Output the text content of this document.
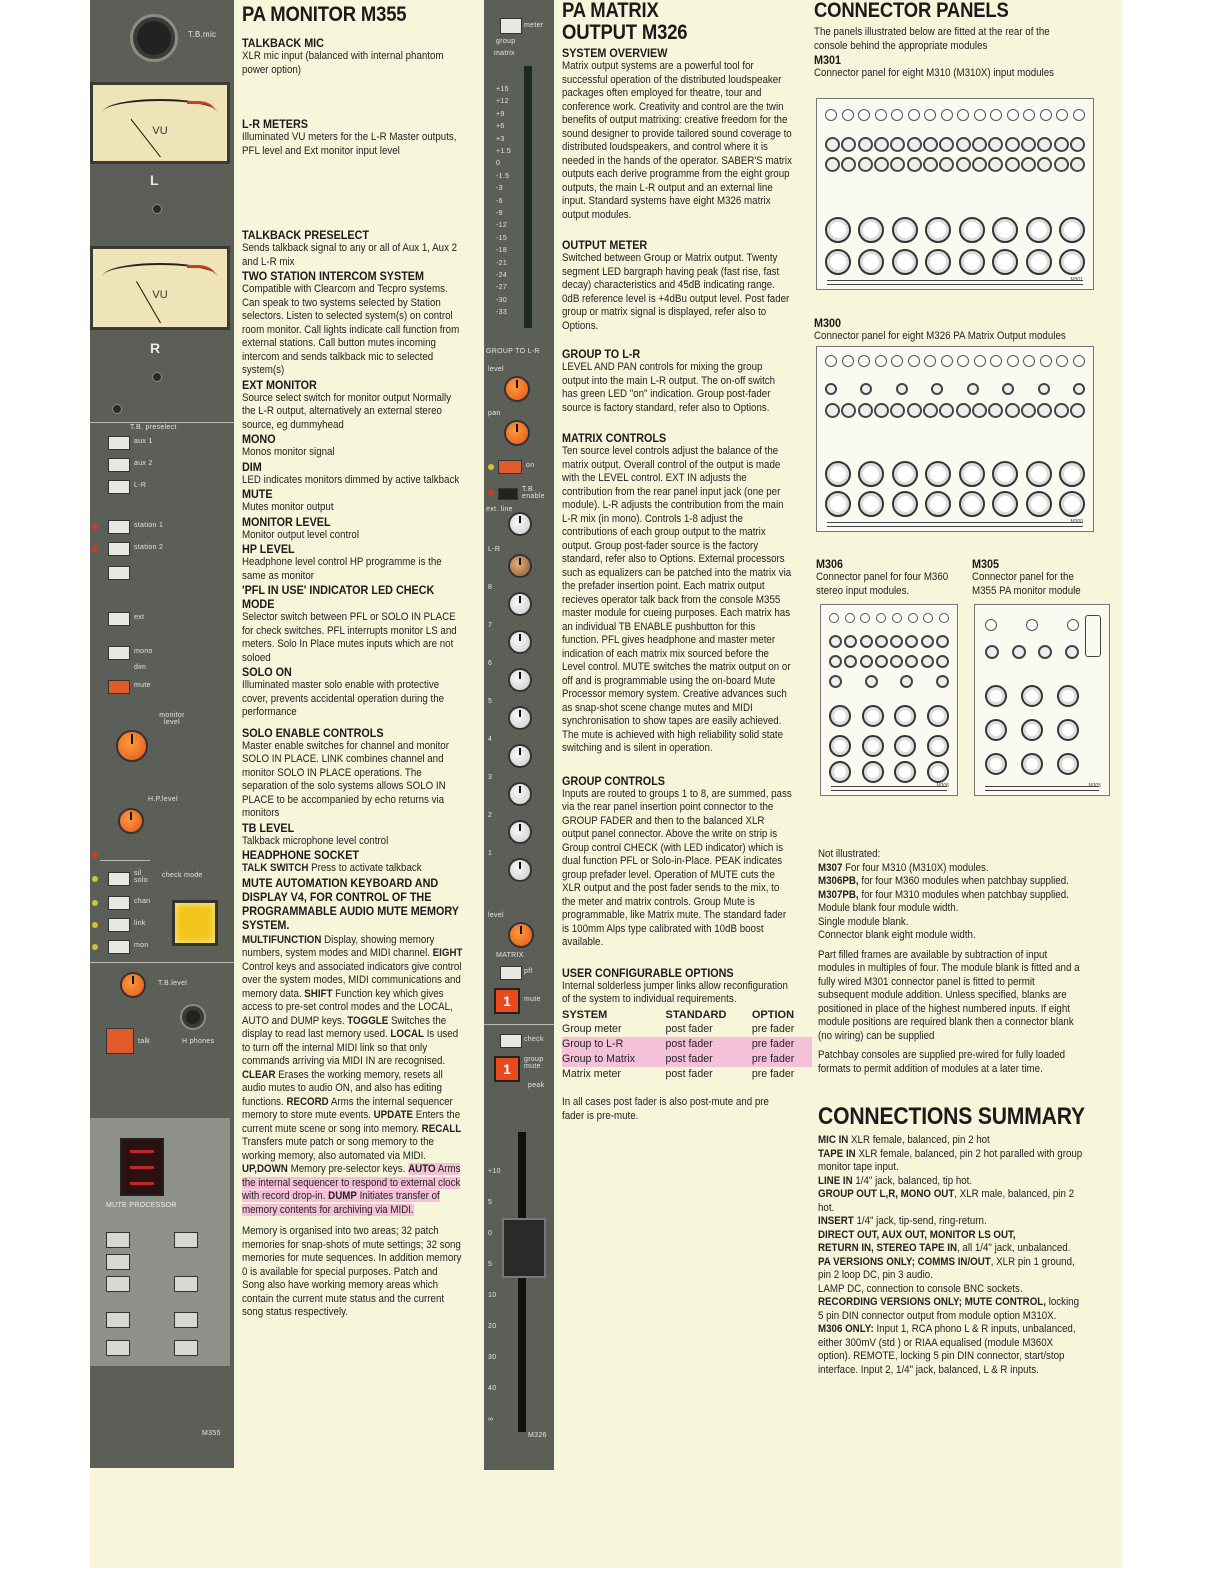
T.B.mic
VU
L
VU
R
T.B. preselect
aux 1
aux 2
L-R
station 1
station 2
ext
mono
dim
mute
monitor level
H.P.level
sil solo
check mode
chan
link
mon
T.B.level
talk	H phones
MUTE PROCESSOR
M355
meter
group
matrix
GROUP TO L-R
level
pan
on
T.B. enable
ext. line
level
MATRIX
pfl
1	mute
check
1
group mute
peak
M326
+15
+12
+9
+6
+3
+1.5
0
-1.5
-3
-6
-9
-12
-15
-18
-21
-24
-27
-30
-33
L-R
8
7
6
5
4
3
2
1
+10
5
0
5
10
20
30
40
∞
PA MONITOR M355
TALKBACK MIC

XLR mic input (balanced with internal phantom power option)

L-R METERS

Illuminated VU meters for the L-R Master outputs, PFL level and Ext monitor input level

TALKBACK PRESELECT

Sends talkback signal to any or all of Aux 1, Aux 2 and L-R mix

TWO STATION INTERCOM SYSTEM

Compatible with Clearcom and Tecpro systems. Can speak to two systems selected by Station selectors. Listen to selected system(s) on control room monitor. Call lights indicate call function from external stations. Call button mutes incoming intercom and sends talkback mic to selected system(s)

EXT MONITOR

Source select switch for monitor output Normally the L-R output, alternatively an external stereo source, eg dummyhead

MONO

Monos monitor signal

DIM

LED indicates monitors dimmed by active talkback

MUTE

Mutes monitor output

MONITOR LEVEL

Monitor output level control

HP LEVEL

Headphone level control HP programme is the same as monitor

'PFL IN USE' INDICATOR LED CHECK MODE

Selector switch between PFL or SOLO IN PLACE for check switches. PFL interrupts monitor LS and meters. Solo In Place mutes inputs which are not soloed

SOLO ON

Illuminated master solo enable with protective cover, prevents accidental operation during the performance

SOLO ENABLE CONTROLS

Master enable switches for channel and monitor SOLO IN PLACE. LINK combines channel and monitor SOLO IN PLACE operations. The separation of the solo systems allows SOLO IN PLACE to be accompanied by echo returns via monitors

TB LEVEL

Talkback microphone level control

HEADPHONE SOCKET

TALK SWITCH Press to activate talkback

MUTE AUTOMATION KEYBOARD AND DISPLAY V4, FOR CONTROL OF THE PROGRAMMABLE AUDIO MUTE MEMORY SYSTEM.

MULTIFUNCTION Display, showing memory numbers, system modes and MIDI channel. EIGHT Control keys and associated indicators give control over the system modes, MIDI communications and memory data. SHIFT Function key which gives access to pre-set control modes and the LOCAL, AUTO and DUMP keys. TOGGLE Switches the display to read last memory used. LOCAL Is used to turn off the internal MIDI link so that only commands arriving via MIDI IN are recognised. CLEAR Erases the working memory, resets all audio mutes to audio ON, and also has editing functions. RECORD Arms the internal sequencer memory to store mute events. UPDATE Enters the current mute scene or song into memory. RECALL Transfers mute patch or song memory to the working memory, also automated via MIDI. UP,DOWN Memory pre-selector keys. AUTO Arms the internal sequencer to respond to external clock with record drop-in. DUMP Initiates transfer of memory contents for archiving via MIDI.

Memory is organised into two areas; 32 patch memories for snap-shots of mute settings; 32 song memories for mute sequences. In addition memory 0 is available for special purposes. Patch and Song also have working memory areas which contain the current mute status and the current song status respectively.

PA MATRIX
OUTPUT M326
SYSTEM OVERVIEW

Matrix output systems are a powerful tool for successful operation of the distributed loudspeaker packages often employed for theatre, tour and conference work. Creativity and control are the twin benefits of output matrixing: creative freedom for the sound designer to provide tailored sound coverage to distributed loudspeakers, and control where it is needed in the hands of the operator. SABER'S matrix outputs each derive programme from the eight group outputs, the main L-R output and an external line input. Standard systems have eight M326 matrix output modules.

OUTPUT METER

Switched between Group or Matrix output. Twenty segment LED bargraph having peak (fast rise, fast decay) characteristics and 45dB indicating range. 0dB reference level is +4dBu output level. Post fader group or matrix signal is displayed, refer also to Options.

GROUP TO L-R

LEVEL AND PAN controls for mixing the group output into the main L-R output. The on-off switch has green LED "on" indication. Group post-fader source is factory standard, refer also to Options.

MATRIX CONTROLS

Ten source level controls adjust the balance of the matrix output. Overall control of the output is made with the LEVEL control. EXT IN adjusts the contribution from the rear panel input jack (one per module). L-R adjusts the contribution from the main L-R mix (in mono). Controls 1-8 adjust the contributions of each group output to the matrix output. Group post-fader source is the factory standard, refer also to Options. External processors such as equalizers can be patched into the matrix via the prefader insertion point. Each matrix output recieves operator talk back from the console M355 master module for cueing purposes. Each matrix has an individual TB ENABLE pushbutton for this function. PFL gives headphone and master meter indication of each matrix mix sourced before the Level control. MUTE switches the matrix output on or off and is programmable using the on-board Mute Processor memory system. Creative advances such as snap-shot scene change mutes and MIDI synchronisation to show tapes are easily achieved. The mute is achieved with high reliability solid state switching and is silent in operation.

GROUP CONTROLS

Inputs are routed to groups 1 to 8, are summed, pass via the rear panel insertion point connector to the GROUP FADER and then to the balanced XLR output panel connector. Above the write on strip is Group control CHECK (with LED indicator) which is dual function PFL or Solo-in-Place. PEAK indicates group prefader level. Operation of MUTE cuts the XLR output and the post fader sends to the mix, to the meter and matrix controls. Group Mute is programmable, like Matrix mute. The standard fader is 100mm Alps type calibrated with 10dB boost available.

USER CONFIGURABLE OPTIONS

Internal solderless jumper links allow reconfiguration of the system to individual requirements.

SYSTEM	STANDARD	OPTION
Group meter	post fader	pre fader
Group to L-R	post fader	pre fader
Group to Matrix	post fader	pre fader
Matrix meter	post fader	pre fader

In all cases post fader is also post-mute and pre fader is pre-mute.

CONNECTOR PANELS

The panels illustrated below are fitted at the rear of the console behind the appropriate modules

M301

Connector panel for eight M310 (M310X) input modules

M301
M300

Connector panel for eight M326 PA Matrix Output modules

M300
M306

Connector panel for four M360 stereo input modules.

M305

Connector panel for the M355 PA monitor module

M306	M305

Not illustrated:

M307 For four M310 (M310X) modules.

M306PB, for four M360 modules when patchbay supplied.

M307PB, for four M310 modules when patchbay supplied.

Module blank four module width.

Single module blank.

Connector blank eight module width.

Part filled frames are available by subtraction of input modules in multiples of four. The module blank is fitted and a fully wired M301 connector panel is fitted to permit subsequent module addition. Unless specified, blanks are positioned in place of the highest numbered inputs. If eight module positions are required blank then a connector blank (no wiring) can be supplied

Patchbay consoles are supplied pre-wired for fully loaded formats to permit addition of modules at a later time.

CONNECTIONS SUMMARY

MIC IN XLR female, balanced, pin 2 hot

TAPE IN XLR female, balanced, pin 2 hot paralled with group monitor tape input.

LINE IN 1/4" jack, balanced, tip hot.

GROUP OUT L,R, MONO OUT, XLR male, balanced, pin 2 hot.

INSERT 1/4" jack, tip-send, ring-return.

DIRECT OUT, AUX OUT, MONITOR LS OUT,

RETURN IN, STEREO TAPE IN, all 1/4" jack, unbalanced.

PA VERSIONS ONLY; COMMS IN/OUT, XLR pin 1 ground, pin 2 loop DC, pin 3 audio.

LAMP DC, connection to console BNC sockets.

RECORDING VERSIONS ONLY; MUTE CONTROL, locking 5 pin DIN connector output from module option M310X.

M306 ONLY: Input 1, RCA phono L & R inputs, unbalanced, either 300mV (std ) or RIAA equalised (module M360X option). REMOTE, locking 5 pin DIN connector, start/stop interface. Input 2, 1/4" jack, balanced, L & R inputs.
